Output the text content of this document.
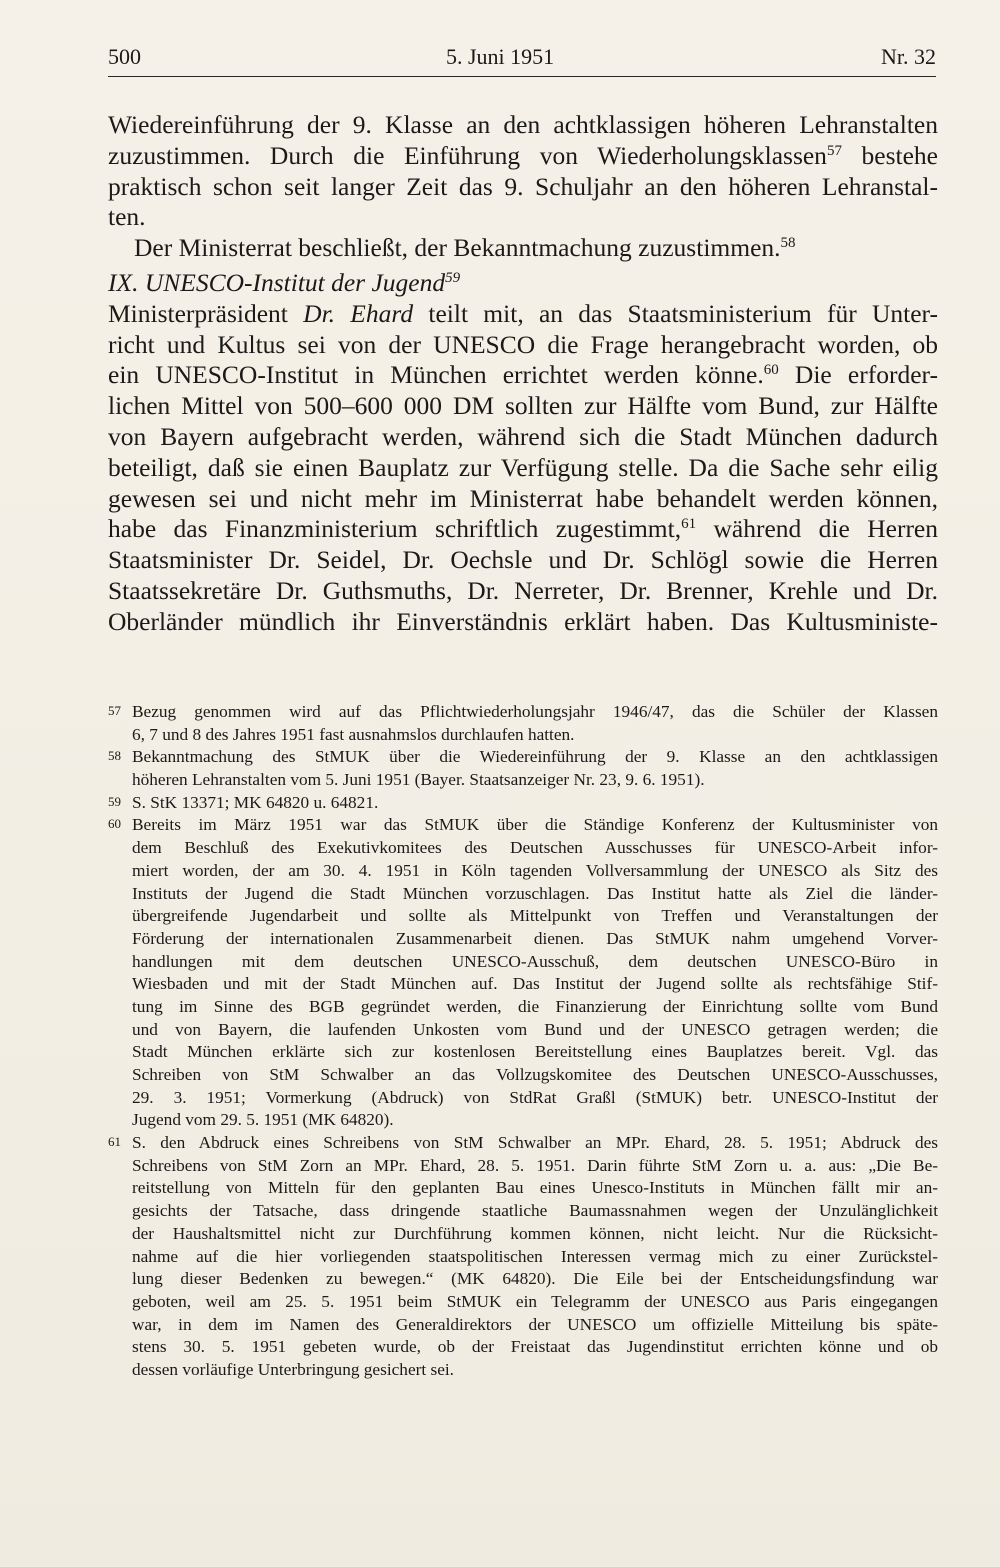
500	5. Juni 1951	Nr. 32
Wiedereinführung der 9. Klasse an den achtklassigen höheren Lehranstalten
zuzustimmen. Durch die Einführung von Wiederholungsklassen$^{57}$ bestehe
praktisch schon seit langer Zeit das 9. Schuljahr an den höheren Lehranstal-
ten.
Der Ministerrat beschließt, der Bekanntmachung zuzustimmen.$^{58}$
IX. UNESCO-Institut der Jugend$^{59}$
Ministerpräsident Dr. Ehard teilt mit, an das Staatsministerium für Unter-
richt und Kultus sei von der UNESCO die Frage herangebracht worden, ob
ein UNESCO-Institut in München errichtet werden könne.$^{60}$ Die erforder-
lichen Mittel von 500–600 000 DM sollten zur Hälfte vom Bund, zur Hälfte
von Bayern aufgebracht werden, während sich die Stadt München dadurch
beteiligt, daß sie einen Bauplatz zur Verfügung stelle. Da die Sache sehr eilig
gewesen sei und nicht mehr im Ministerrat habe behandelt werden können,
habe das Finanzministerium schriftlich zugestimmt,$^{61}$ während die Herren
Staatsminister Dr. Seidel, Dr. Oechsle und Dr. Schlögl sowie die Herren
Staatssekretäre Dr. Guthsmuths, Dr. Nerreter, Dr. Brenner, Krehle und Dr.
Oberländer mündlich ihr Einverständnis erklärt haben. Das Kultusministe-
57 Bezug genommen wird auf das Pflichtwiederholungsjahr 1946/47, das die Schüler der Klassen
6, 7 und 8 des Jahres 1951 fast ausnahmslos durchlaufen hatten.
58 Bekanntmachung des StMUK über die Wiedereinführung der 9. Klasse an den achtklassigen
höheren Lehranstalten vom 5. Juni 1951 (Bayer. Staatsanzeiger Nr. 23, 9. 6. 1951).
59 S. StK 13371; MK 64820 u. 64821.
60 Bereits im März 1951 war das StMUK über die Ständige Konferenz der Kultusminister von
dem Beschluß des Exekutivkomitees des Deutschen Ausschusses für UNESCO-Arbeit infor-
miert worden, der am 30. 4. 1951 in Köln tagenden Vollversammlung der UNESCO als Sitz des
Instituts der Jugend die Stadt München vorzuschlagen. Das Institut hatte als Ziel die länder-
übergreifende Jugendarbeit und sollte als Mittelpunkt von Treffen und Veranstaltungen der
Förderung der internationalen Zusammenarbeit dienen. Das StMUK nahm umgehend Vorver-
handlungen mit dem deutschen UNESCO-Ausschuß, dem deutschen UNESCO-Büro in
Wiesbaden und mit der Stadt München auf. Das Institut der Jugend sollte als rechtsfähige Stif-
tung im Sinne des BGB gegründet werden, die Finanzierung der Einrichtung sollte vom Bund
und von Bayern, die laufenden Unkosten vom Bund und der UNESCO getragen werden; die
Stadt München erklärte sich zur kostenlosen Bereitstellung eines Bauplatzes bereit. Vgl. das
Schreiben von StM Schwalber an das Vollzugskomitee des Deutschen UNESCO-Ausschusses,
29. 3. 1951; Vormerkung (Abdruck) von StdRat Graßl (StMUK) betr. UNESCO-Institut der
Jugend vom 29. 5. 1951 (MK 64820).
61 S. den Abdruck eines Schreibens von StM Schwalber an MPr. Ehard, 28. 5. 1951; Abdruck des
Schreibens von StM Zorn an MPr. Ehard, 28. 5. 1951. Darin führte StM Zorn u. a. aus: „Die Be-
reitstellung von Mitteln für den geplanten Bau eines Unesco-Instituts in München fällt mir an-
gesichts der Tatsache, dass dringende staatliche Baumassnahmen wegen der Unzulänglichkeit
der Haushaltsmittel nicht zur Durchführung kommen können, nicht leicht. Nur die Rücksicht-
nahme auf die hier vorliegenden staatspolitischen Interessen vermag mich zu einer Zurückstel-
lung dieser Bedenken zu bewegen.“ (MK 64820). Die Eile bei der Entscheidungsfindung war
geboten, weil am 25. 5. 1951 beim StMUK ein Telegramm der UNESCO aus Paris eingegangen
war, in dem im Namen des Generaldirektors der UNESCO um offizielle Mitteilung bis späte-
stens 30. 5. 1951 gebeten wurde, ob der Freistaat das Jugendinstitut errichten könne und ob
dessen vorläufige Unterbringung gesichert sei.
